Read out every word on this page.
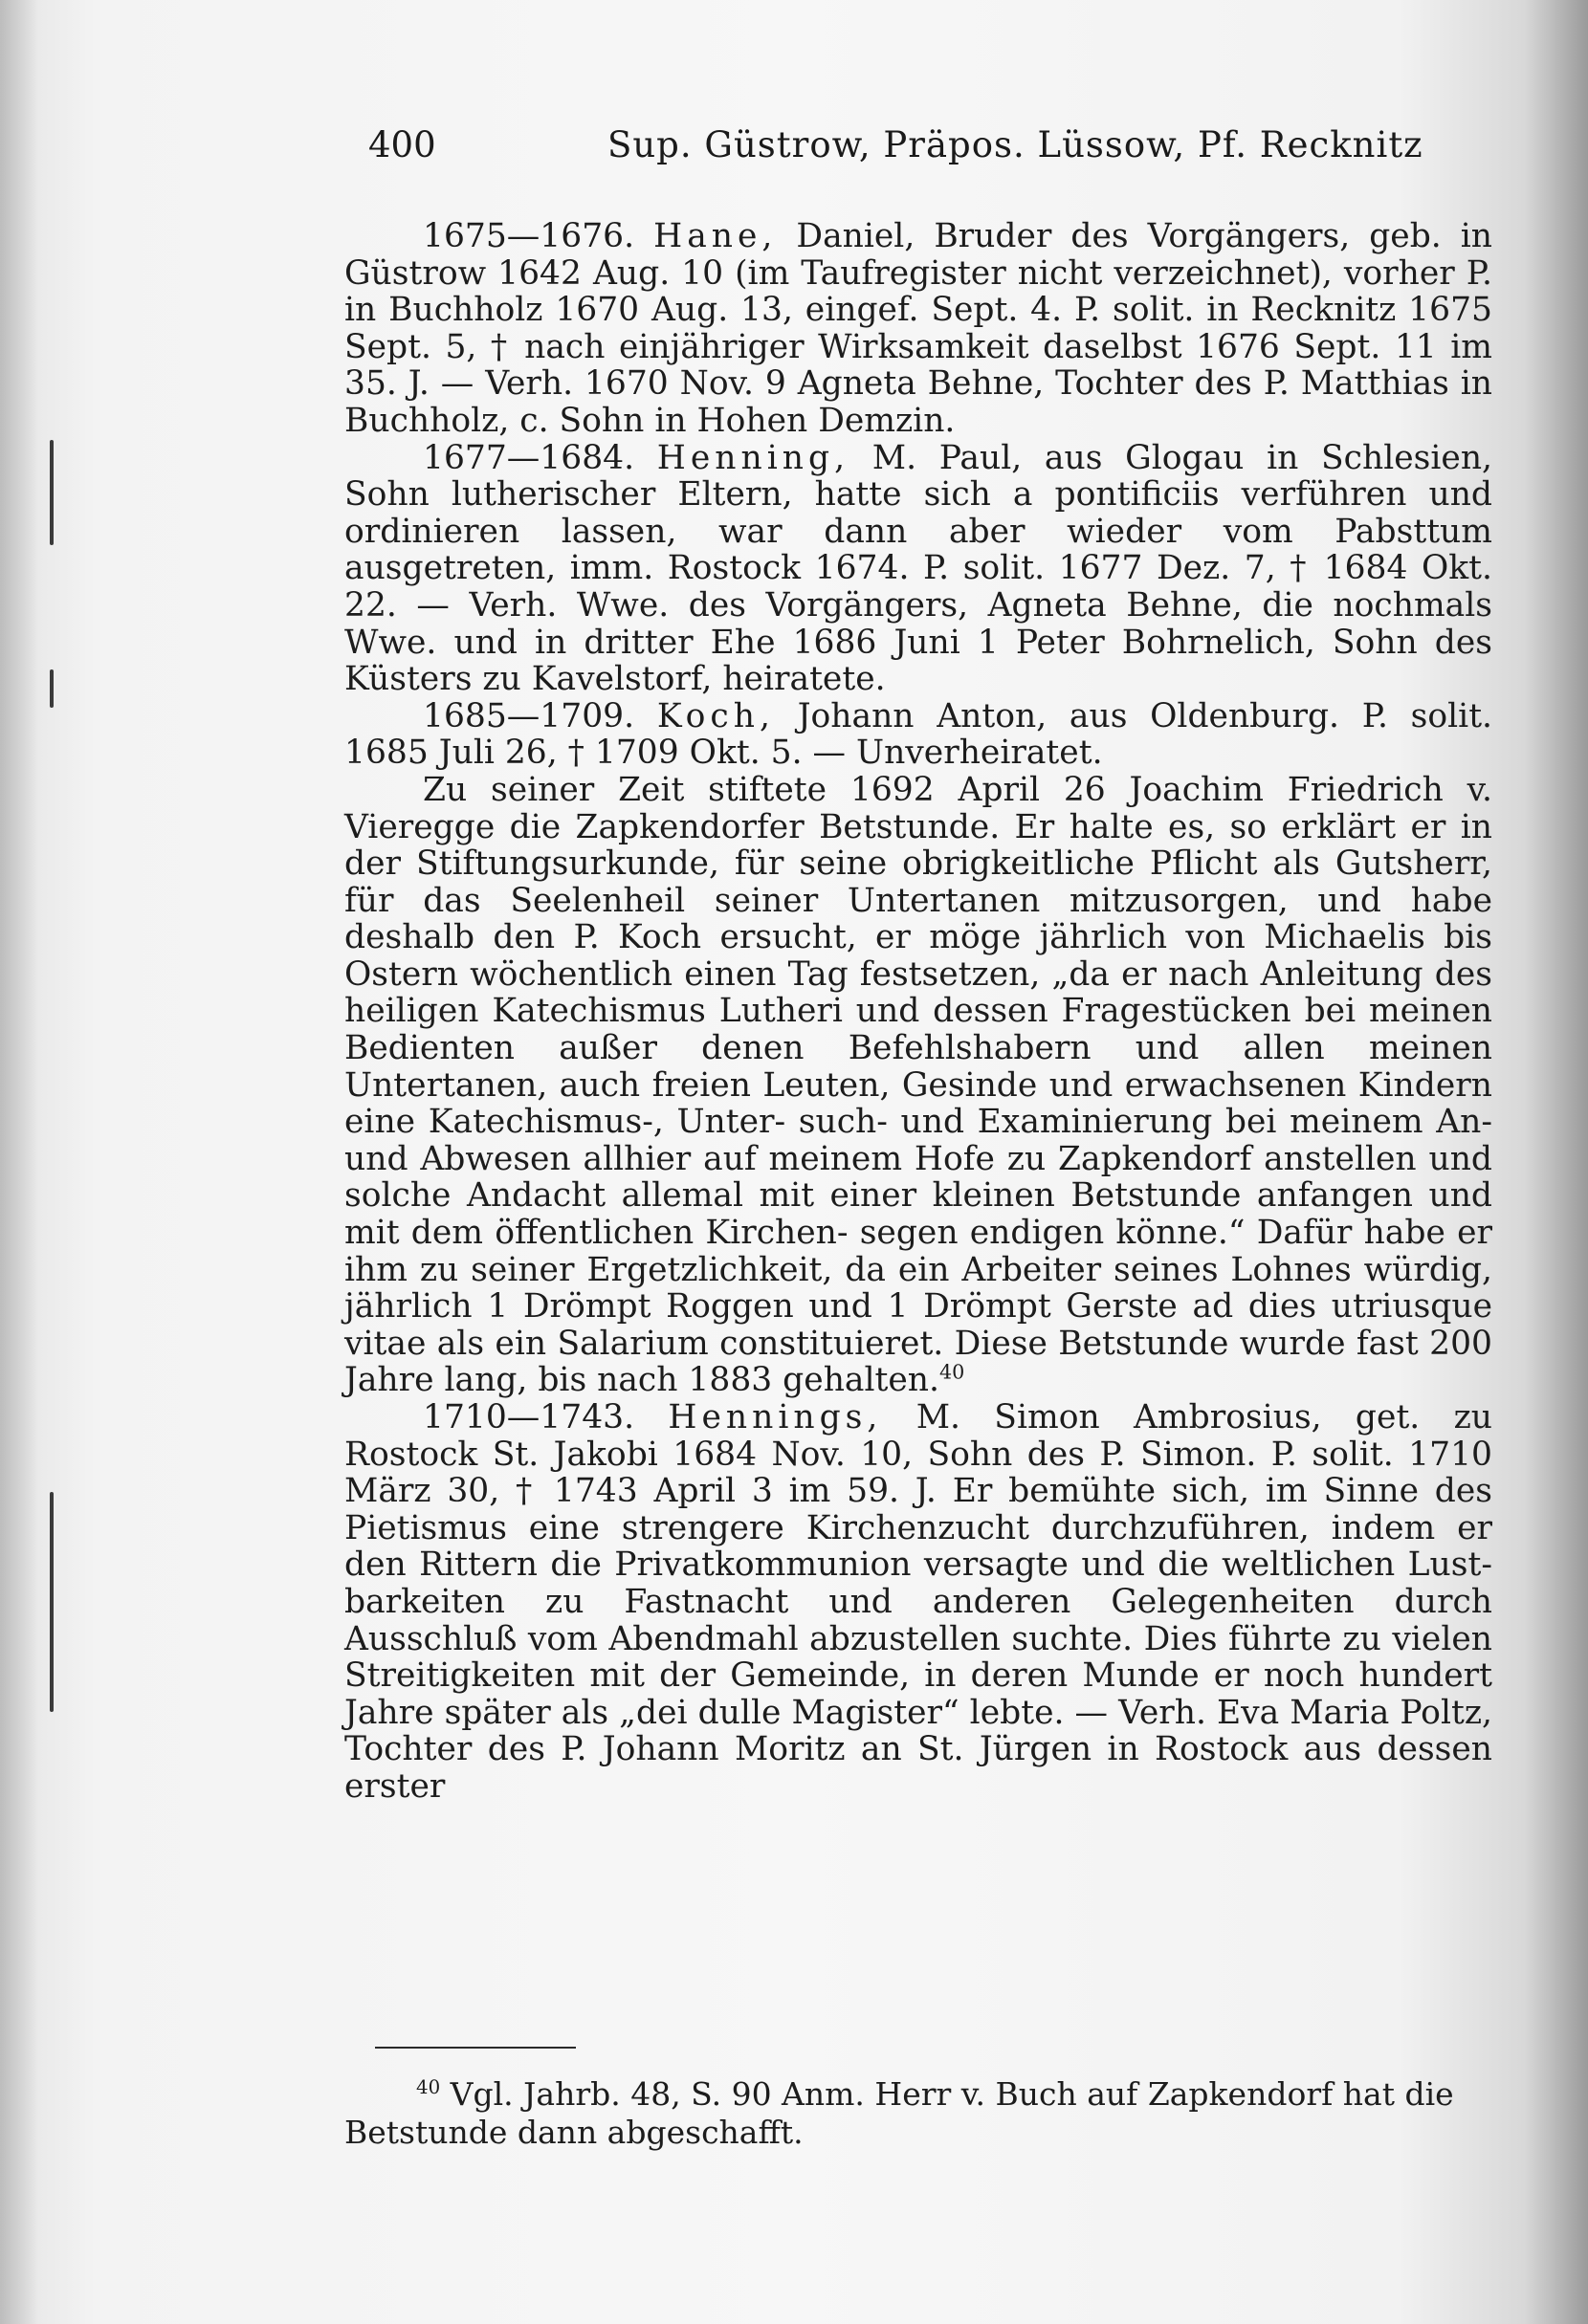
400	Sup. Güstrow, Präpos. Lüssow, Pf. Recknitz

1675—1676. Hane, Daniel, Bruder des Vorgängers, geb. in Güstrow 1642 Aug. 10 (im Taufregister nicht verzeichnet), vorher P. in Buchholz 1670 Aug. 13, eingef. Sept. 4. P. solit. in Recknitz 1675 Sept. 5, † nach einjähriger Wirksamkeit daselbst 1676 Sept. 11 im 35. J. — Verh. 1670 Nov. 9 Agneta Behne, Tochter des P. Matthias in Buchholz, c. Sohn in Hohen Demzin.

1677—1684. Henning, M. Paul, aus Glogau in Schlesien, Sohn lutherischer Eltern, hatte sich a pontificiis verführen und ordinieren lassen, war dann aber wieder vom Pabsttum ausgetreten, imm. Rostock 1674. P. solit. 1677 Dez. 7, † 1684 Okt. 22. — Verh. Wwe. des Vorgängers, Agneta Behne, die nochmals Wwe. und in dritter Ehe 1686 Juni 1 Peter Bohrnelich, Sohn des Küsters zu Kavelstorf, heiratete.

1685—1709. Koch, Johann Anton, aus Oldenburg. P. solit. 1685 Juli 26, † 1709 Okt. 5. — Unverheiratet.

Zu seiner Zeit stiftete 1692 April 26 Joachim Friedrich v. Vieregge die Zapkendorfer Betstunde. Er halte es, so erklärt er in der Stiftungsurkunde, für seine obrigkeitliche Pflicht als Gutsherr, für das Seelenheil seiner Untertanen mitzusorgen, und habe deshalb den P. Koch ersucht, er möge jährlich von Michaelis bis Ostern wöchentlich einen Tag festsetzen, „da er nach Anleitung des heiligen Katechismus Lutheri und dessen Fragestücken bei meinen Bedienten außer denen Befehlshabern und allen meinen Untertanen, auch freien Leuten, Gesinde und erwachsenen Kindern eine Katechismus-, Unter- such- und Examinierung bei meinem An- und Abwesen allhier auf meinem Hofe zu Zapkendorf anstellen und solche Andacht allemal mit einer kleinen Betstunde anfangen und mit dem öffentlichen Kirchen- segen endigen könne.“ Dafür habe er ihm zu seiner Ergetzlichkeit, da ein Arbeiter seines Lohnes würdig, jährlich 1 Drömpt Roggen und 1 Drömpt Gerste ad dies utriusque vitae als ein Salarium constituieret. Diese Betstunde wurde fast 200 Jahre lang, bis nach 1883 gehalten.$^{40}$

1710—1743. Hennings, M. Simon Ambrosius, get. zu Rostock St. Jakobi 1684 Nov. 10, Sohn des P. Simon. P. solit. 1710 März 30, † 1743 April 3 im 59. J. Er bemühte sich, im Sinne des Pietismus eine strengere Kirchenzucht durchzuführen, indem er den Rittern die Privatkommunion versagte und die weltlichen Lust- barkeiten zu Fastnacht und anderen Gelegenheiten durch Ausschluß vom Abendmahl abzustellen suchte. Dies führte zu vielen Streitigkeiten mit der Gemeinde, in deren Munde er noch hundert Jahre später als „dei dulle Magister“ lebte. — Verh. Eva Maria Poltz, Tochter des P. Johann Moritz an St. Jürgen in Rostock aus dessen erster

$^{40}$ Vgl. Jahrb. 48, S. 90 Anm. Herr v. Buch auf Zapkendorf hat die Betstunde dann abgeschafft.
